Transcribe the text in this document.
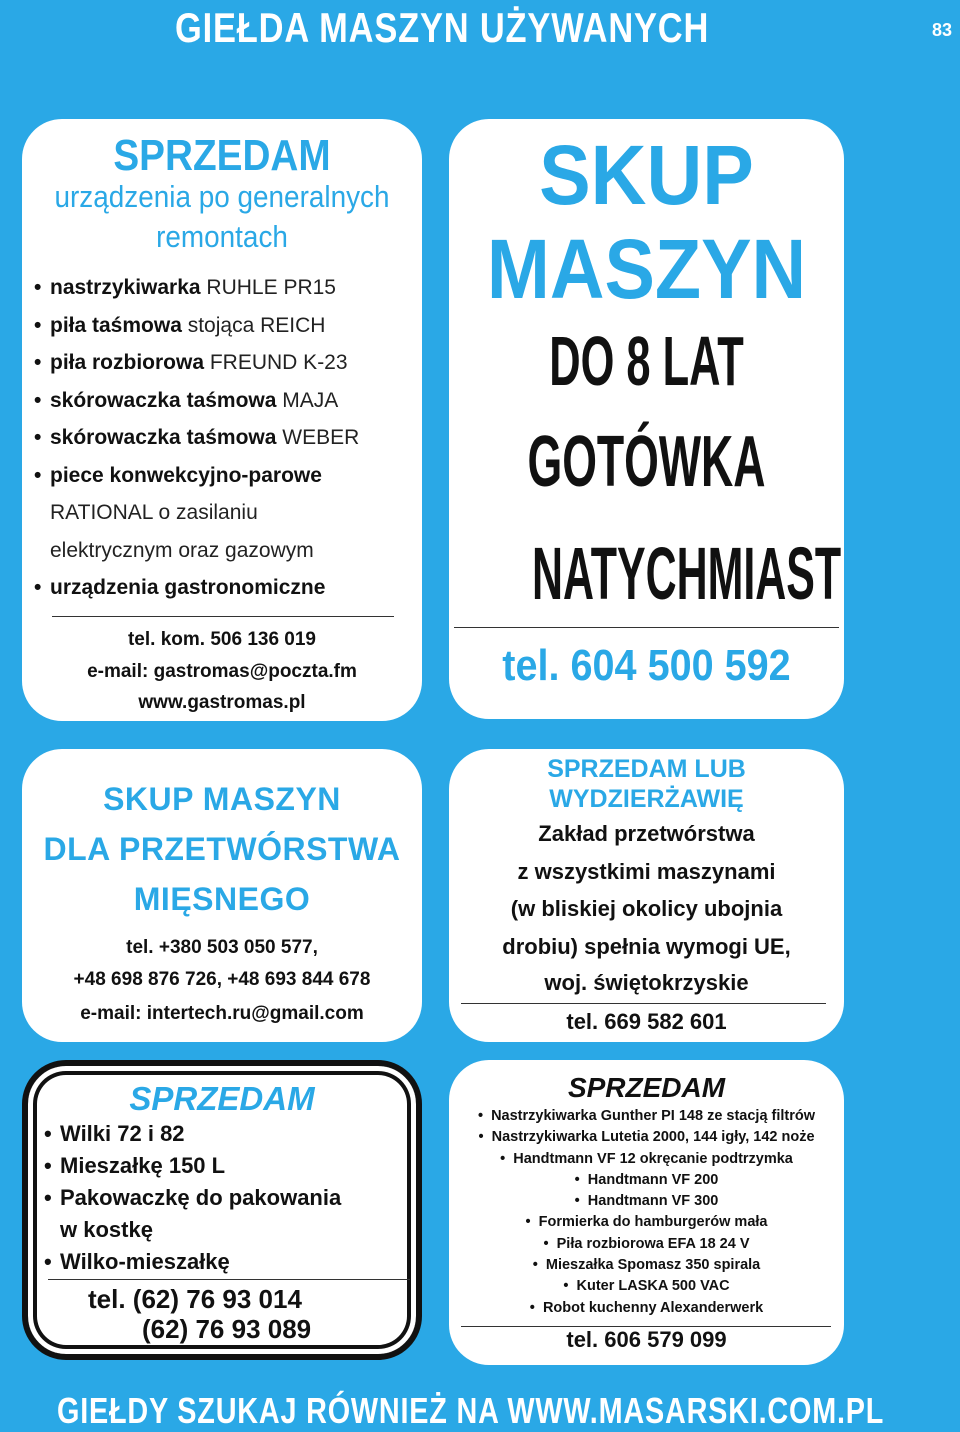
GIEŁDA MASZYN UŻYWANYCH	83
SPRZEDAM
urządzenia po generalnych
remontach
• nastrzykiwarka RUHLE PR15
• piła taśmowa stojąca REICH
• piła rozbiorowa FREUND K-23
• skórowaczka taśmowa MAJA
• skórowaczka taśmowa WEBER
• piece konwekcyjno-parowe
RATIONAL o zasilaniu
elektrycznym oraz gazowym
• urządzenia gastronomiczne
tel. kom. 506 136 019
e-mail: gastromas@poczta.fm
www.gastromas.pl
SKUP
MASZYN
DO 8 LAT
GOTÓWKA
NATYCHMIAST
tel. 604 500 592
SKUP MASZYN
DLA PRZETWÓRSTWA
MIĘSNEGO
tel. +380 503 050 577,
+48 698 876 726, +48 693 844 678
e-mail: intertech.ru@gmail.com
SPRZEDAM LUB
WYDZIERŻAWIĘ
Zakład przetwórstwa
z wszystkimi maszynami
(w bliskiej okolicy ubojnia
drobiu) spełnia wymogi UE,
woj. świętokrzyskie
tel. 669 582 601
SPRZEDAM
• Wilki 72 i 82
• Mieszałkę 150 L
• Pakowaczkę do pakowania
w kostkę
• Wilko-mieszałkę
tel. (62) 76 93 014
(62) 76 93 089
SPRZEDAM
•  Nastrzykiwarka Gunther PI 148 ze stacją filtrów
•  Nastrzykiwarka Lutetia 2000, 144 igły, 142 noże
•  Handtmann VF 12 okręcanie podtrzymka
•  Handtmann VF 200
•  Handtmann VF 300
•  Formierka do hamburgerów mała
•  Piła rozbiorowa EFA 18 24 V
•  Mieszałka Spomasz 350 spirala
•  Kuter LASKA 500 VAC
•  Robot kuchenny Alexanderwerk
tel. 606 579 099
GIEŁDY SZUKAJ RÓWNIEŻ NA WWW.MASARSKI.COM.PL
